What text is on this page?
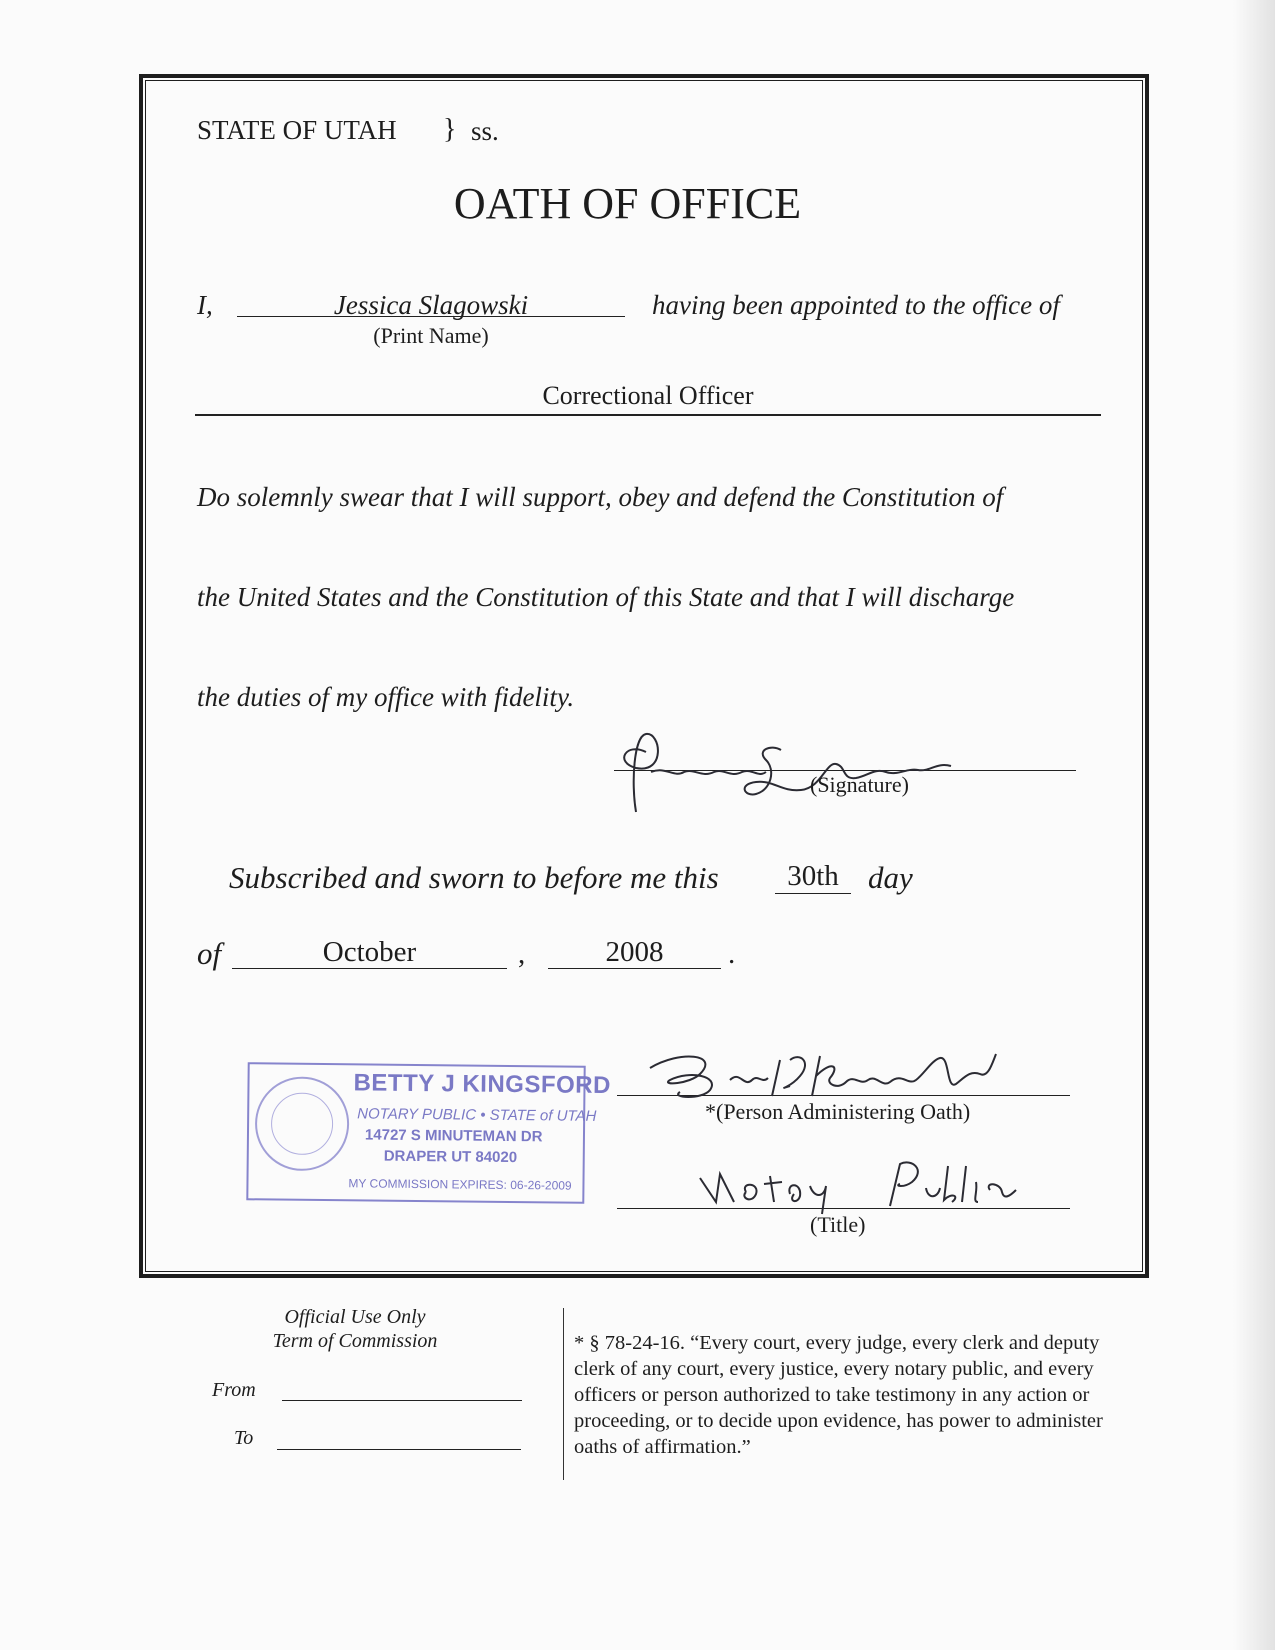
STATE OF UTAH } ss.
OATH OF OFFICE
I,	Jessica Slagowski
(Print Name)
having been appointed to the office of
Correctional Officer
Do solemnly swear that I will support, obey and defend the Constitution of
the United States and the Constitution of this State and that I will discharge
the duties of my office with fidelity.
(Signature)
Subscribed and sworn to before me this	30th day
of	October	,	2008	.
BETTY J KINGSFORD
NOTARY PUBLIC • STATE of UTAH
14727 S MINUTEMAN DR
DRAPER UT 84020
MY COMMISSION EXPIRES: 06-26-2009
*(Person Administering Oath)
(Title)
Official Use Only
Term of Commission
From
To
* § 78-24-16. “Every court, every judge, every clerk and deputy clerk of any court, every justice, every notary public, and every officers or person authorized to take testimony in any action or proceeding, or to decide upon evidence, has power to administer oaths of affirmation.”
